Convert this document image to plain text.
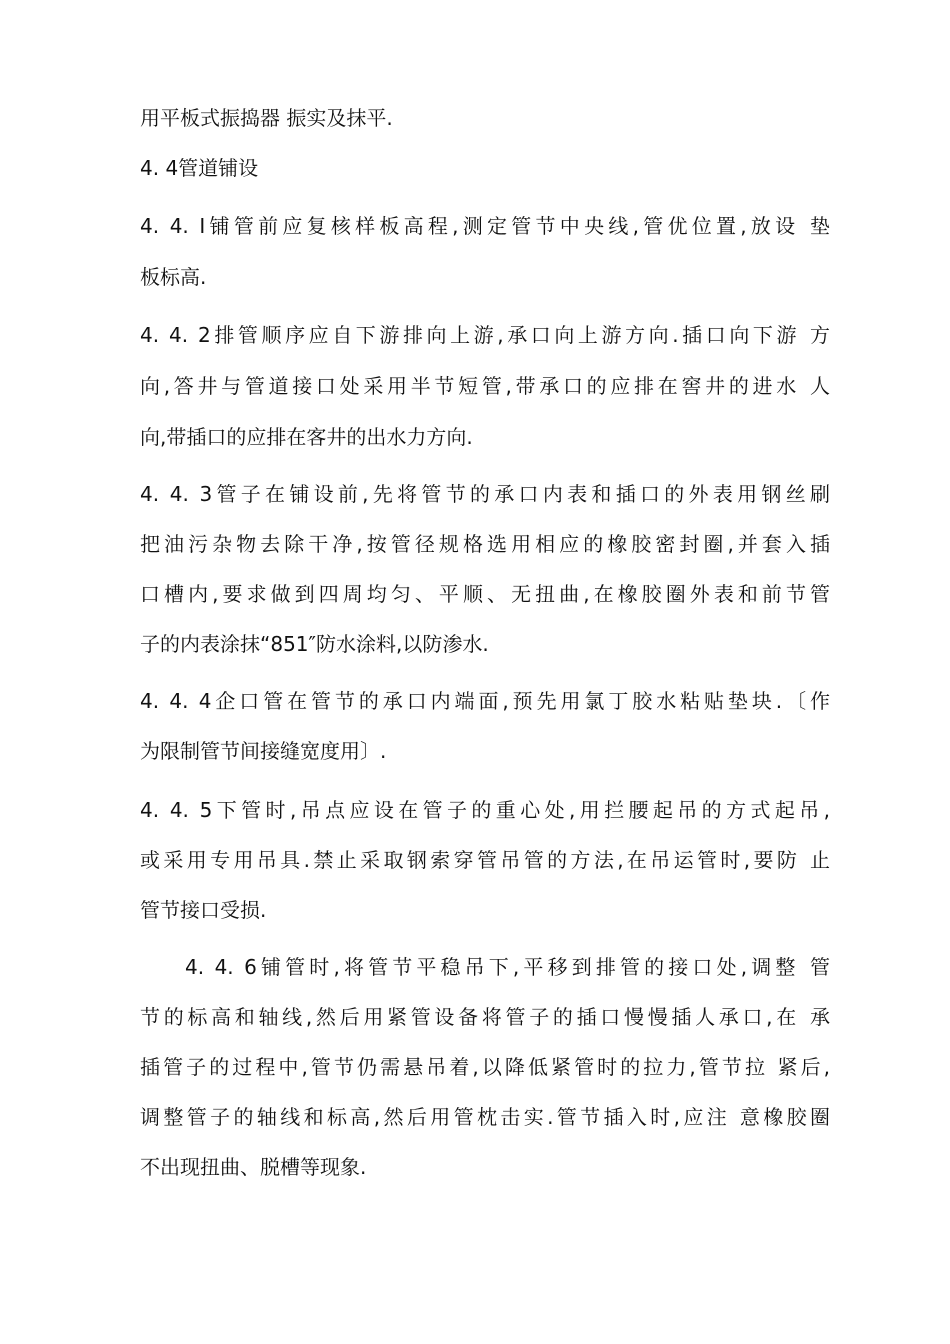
用平板式振捣器 振实及抹平.
4. 4管道铺设
4. 4. I铺管前应复核样板高程,测定管节中央线,管优位置,放设 垫
板标高.
4. 4. 2排管顺序应自下游排向上游,承口向上游方向.插口向下游 方
向,答井与管道接口处采用半节短管,带承口的应排在窖井的进水 人
向,带插口的应排在客井的出水力方向.
4. 4. 3管子在铺设前,先将管节的承口内表和插口的外表用钢丝刷
把油污杂物去除干净,按管径规格选用相应的橡胶密封圈,并套入插
口槽内,要求做到四周均匀、平顺、无扭曲,在橡胶圈外表和前节管
子的内表涂抹“851″防水涂料,以防渗水.
4. 4. 4企口管在管节的承口内端面,预先用氯丁胶水粘贴垫块.〔作
为限制管节间接缝宽度用〕.
4. 4. 5下管时,吊点应设在管子的重心处,用拦腰起吊的方式起吊,
或采用专用吊具.禁止采取钢索穿管吊管的方法,在吊运管时,要防 止
管节接口受损.
4. 4. 6铺管时,将管节平稳吊下,平移到排管的接口处,调整 管
节的标高和轴线,然后用紧管设备将管子的插口慢慢插人承口,在 承
插管子的过程中,管节仍需悬吊着,以降低紧管时的拉力,管节拉 紧后,
调整管子的轴线和标高,然后用管枕击实.管节插入时,应注 意橡胶圈
不出现扭曲、脱槽等现象.
